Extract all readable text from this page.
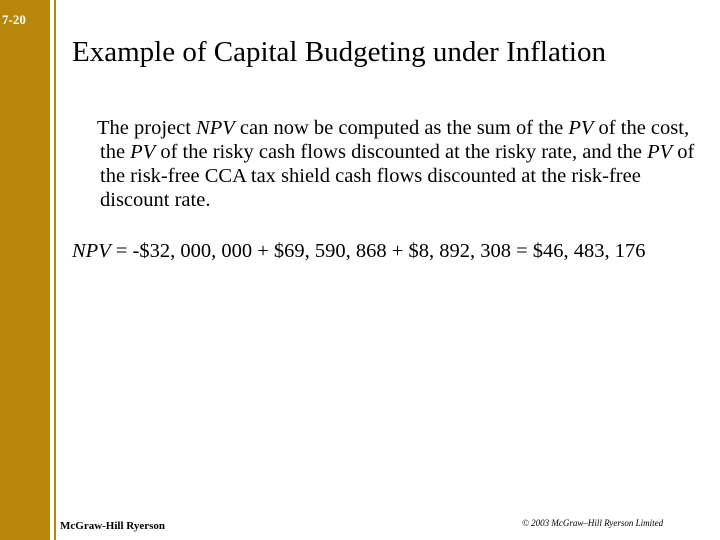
7-20
Example of Capital Budgeting under Inflation

The project NPV can now be computed as the sum of the PV of the cost, the PV of the risky cash flows discounted at the risky rate, and the PV of the risk-free CCA tax shield cash flows discounted at the risk-free discount rate.

NPV = -$32, 000, 000 + $69, 590, 868 + $8, 892, 308 = $46, 483, 176
McGraw-Hill Ryerson	© 2003 McGraw–Hill Ryerson Limited
